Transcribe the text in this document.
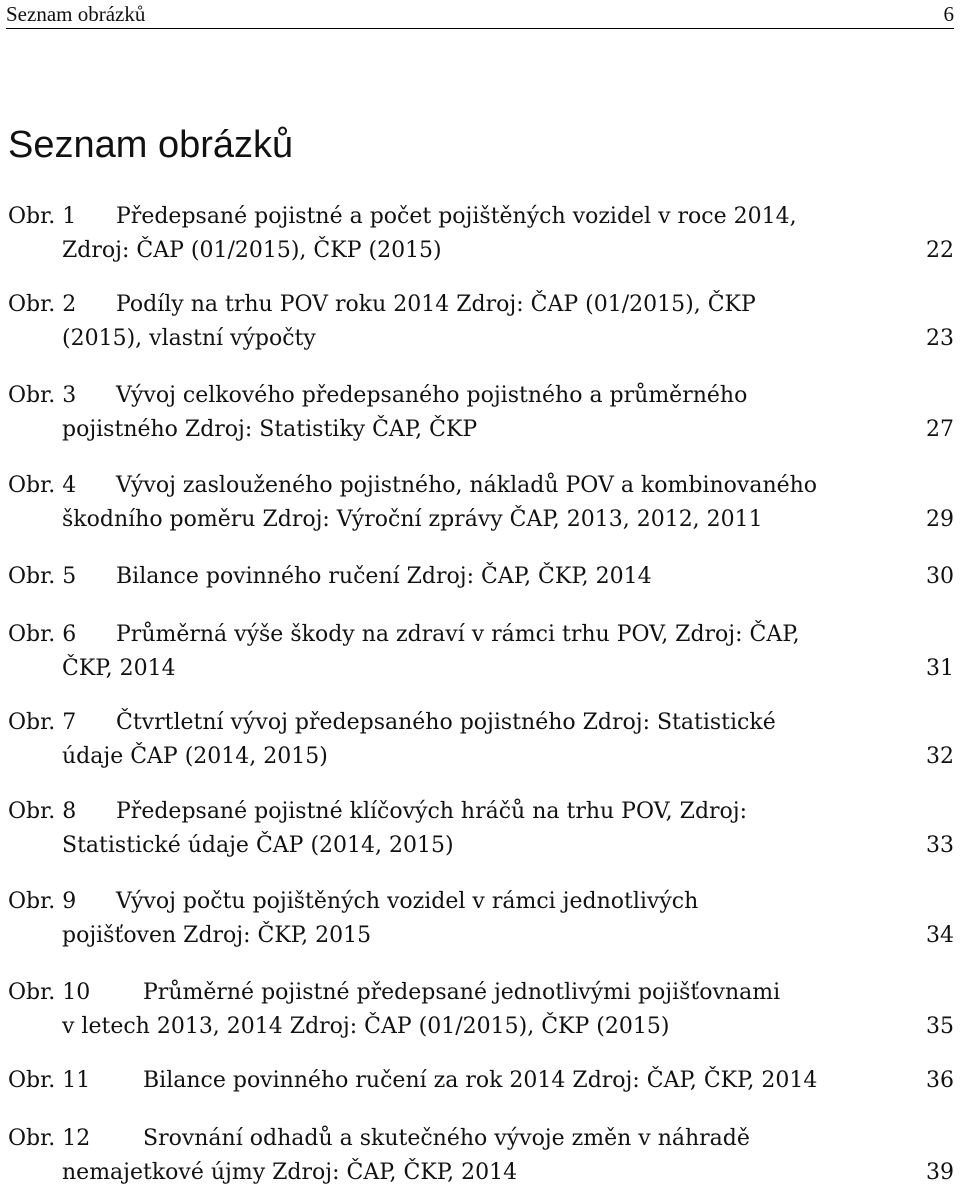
Seznam obrázků	6
Seznam obrázků
Obr. 1 Předepsané pojistné a počet pojištěných vozidel v roce 2014,
Zdroj: ČAP (01/2015), ČKP (2015)	22
Obr. 2 Podíly na trhu POV roku 2014 Zdroj: ČAP (01/2015), ČKP
(2015), vlastní výpočty	23
Obr. 3 Vývoj celkového předepsaného pojistného a průměrného
pojistného Zdroj: Statistiky ČAP, ČKP	27
Obr. 4 Vývoj zaslouženého pojistného, nákladů POV a kombinovaného
škodního poměru Zdroj: Výroční zprávy ČAP, 2013, 2012, 2011	29
Obr. 5 Bilance povinného ručení Zdroj: ČAP, ČKP, 2014	30
Obr. 6 Průměrná výše škody na zdraví v rámci trhu POV, Zdroj: ČAP,
ČKP, 2014	31
Obr. 7 Čtvrtletní vývoj předepsaného pojistného Zdroj: Statistické
údaje ČAP (2014, 2015)	32
Obr. 8 Předepsané pojistné klíčových hráčů na trhu POV, Zdroj:
Statistické údaje ČAP (2014, 2015)	33
Obr. 9 Vývoj počtu pojištěných vozidel v rámci jednotlivých
pojišťoven Zdroj: ČKP, 2015	34
Obr. 10 Průměrné pojistné předepsané jednotlivými pojišťovnami
v letech 2013, 2014 Zdroj: ČAP (01/2015), ČKP (2015)	35
Obr. 11 Bilance povinného ručení za rok 2014 Zdroj: ČAP, ČKP, 2014	36
Obr. 12 Srovnání odhadů a skutečného vývoje změn v náhradě
nemajetkové újmy Zdroj: ČAP, ČKP, 2014	39
